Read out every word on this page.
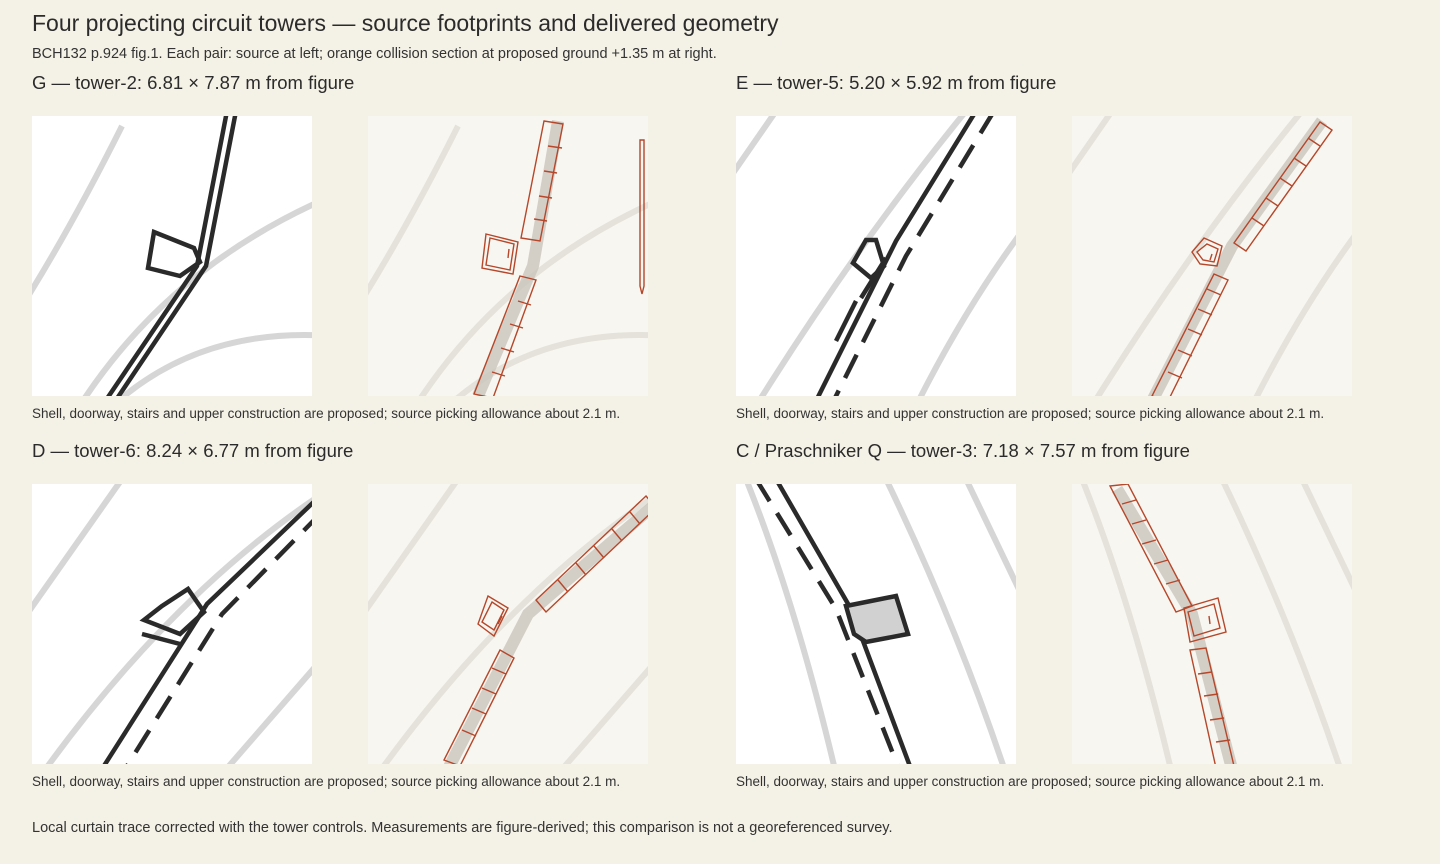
Four projecting circuit towers — source footprints and delivered geometry
BCH132 p.924 fig.1. Each pair: source at left; orange collision section at proposed ground +1.35 m at right.
G — tower-2: 6.81 × 7.87 m from figure
Shell, doorway, stairs and upper construction are proposed; source picking allowance about 2.1 m.
E — tower-5: 5.20 × 5.92 m from figure
Shell, doorway, stairs and upper construction are proposed; source picking allowance about 2.1 m.
D — tower-6: 8.24 × 6.77 m from figure
Shell, doorway, stairs and upper construction are proposed; source picking allowance about 2.1 m.
C / Praschniker Q — tower-3: 7.18 × 7.57 m from figure
Shell, doorway, stairs and upper construction are proposed; source picking allowance about 2.1 m.
Local curtain trace corrected with the tower controls. Measurements are figure-derived; this comparison is not a georeferenced survey.
